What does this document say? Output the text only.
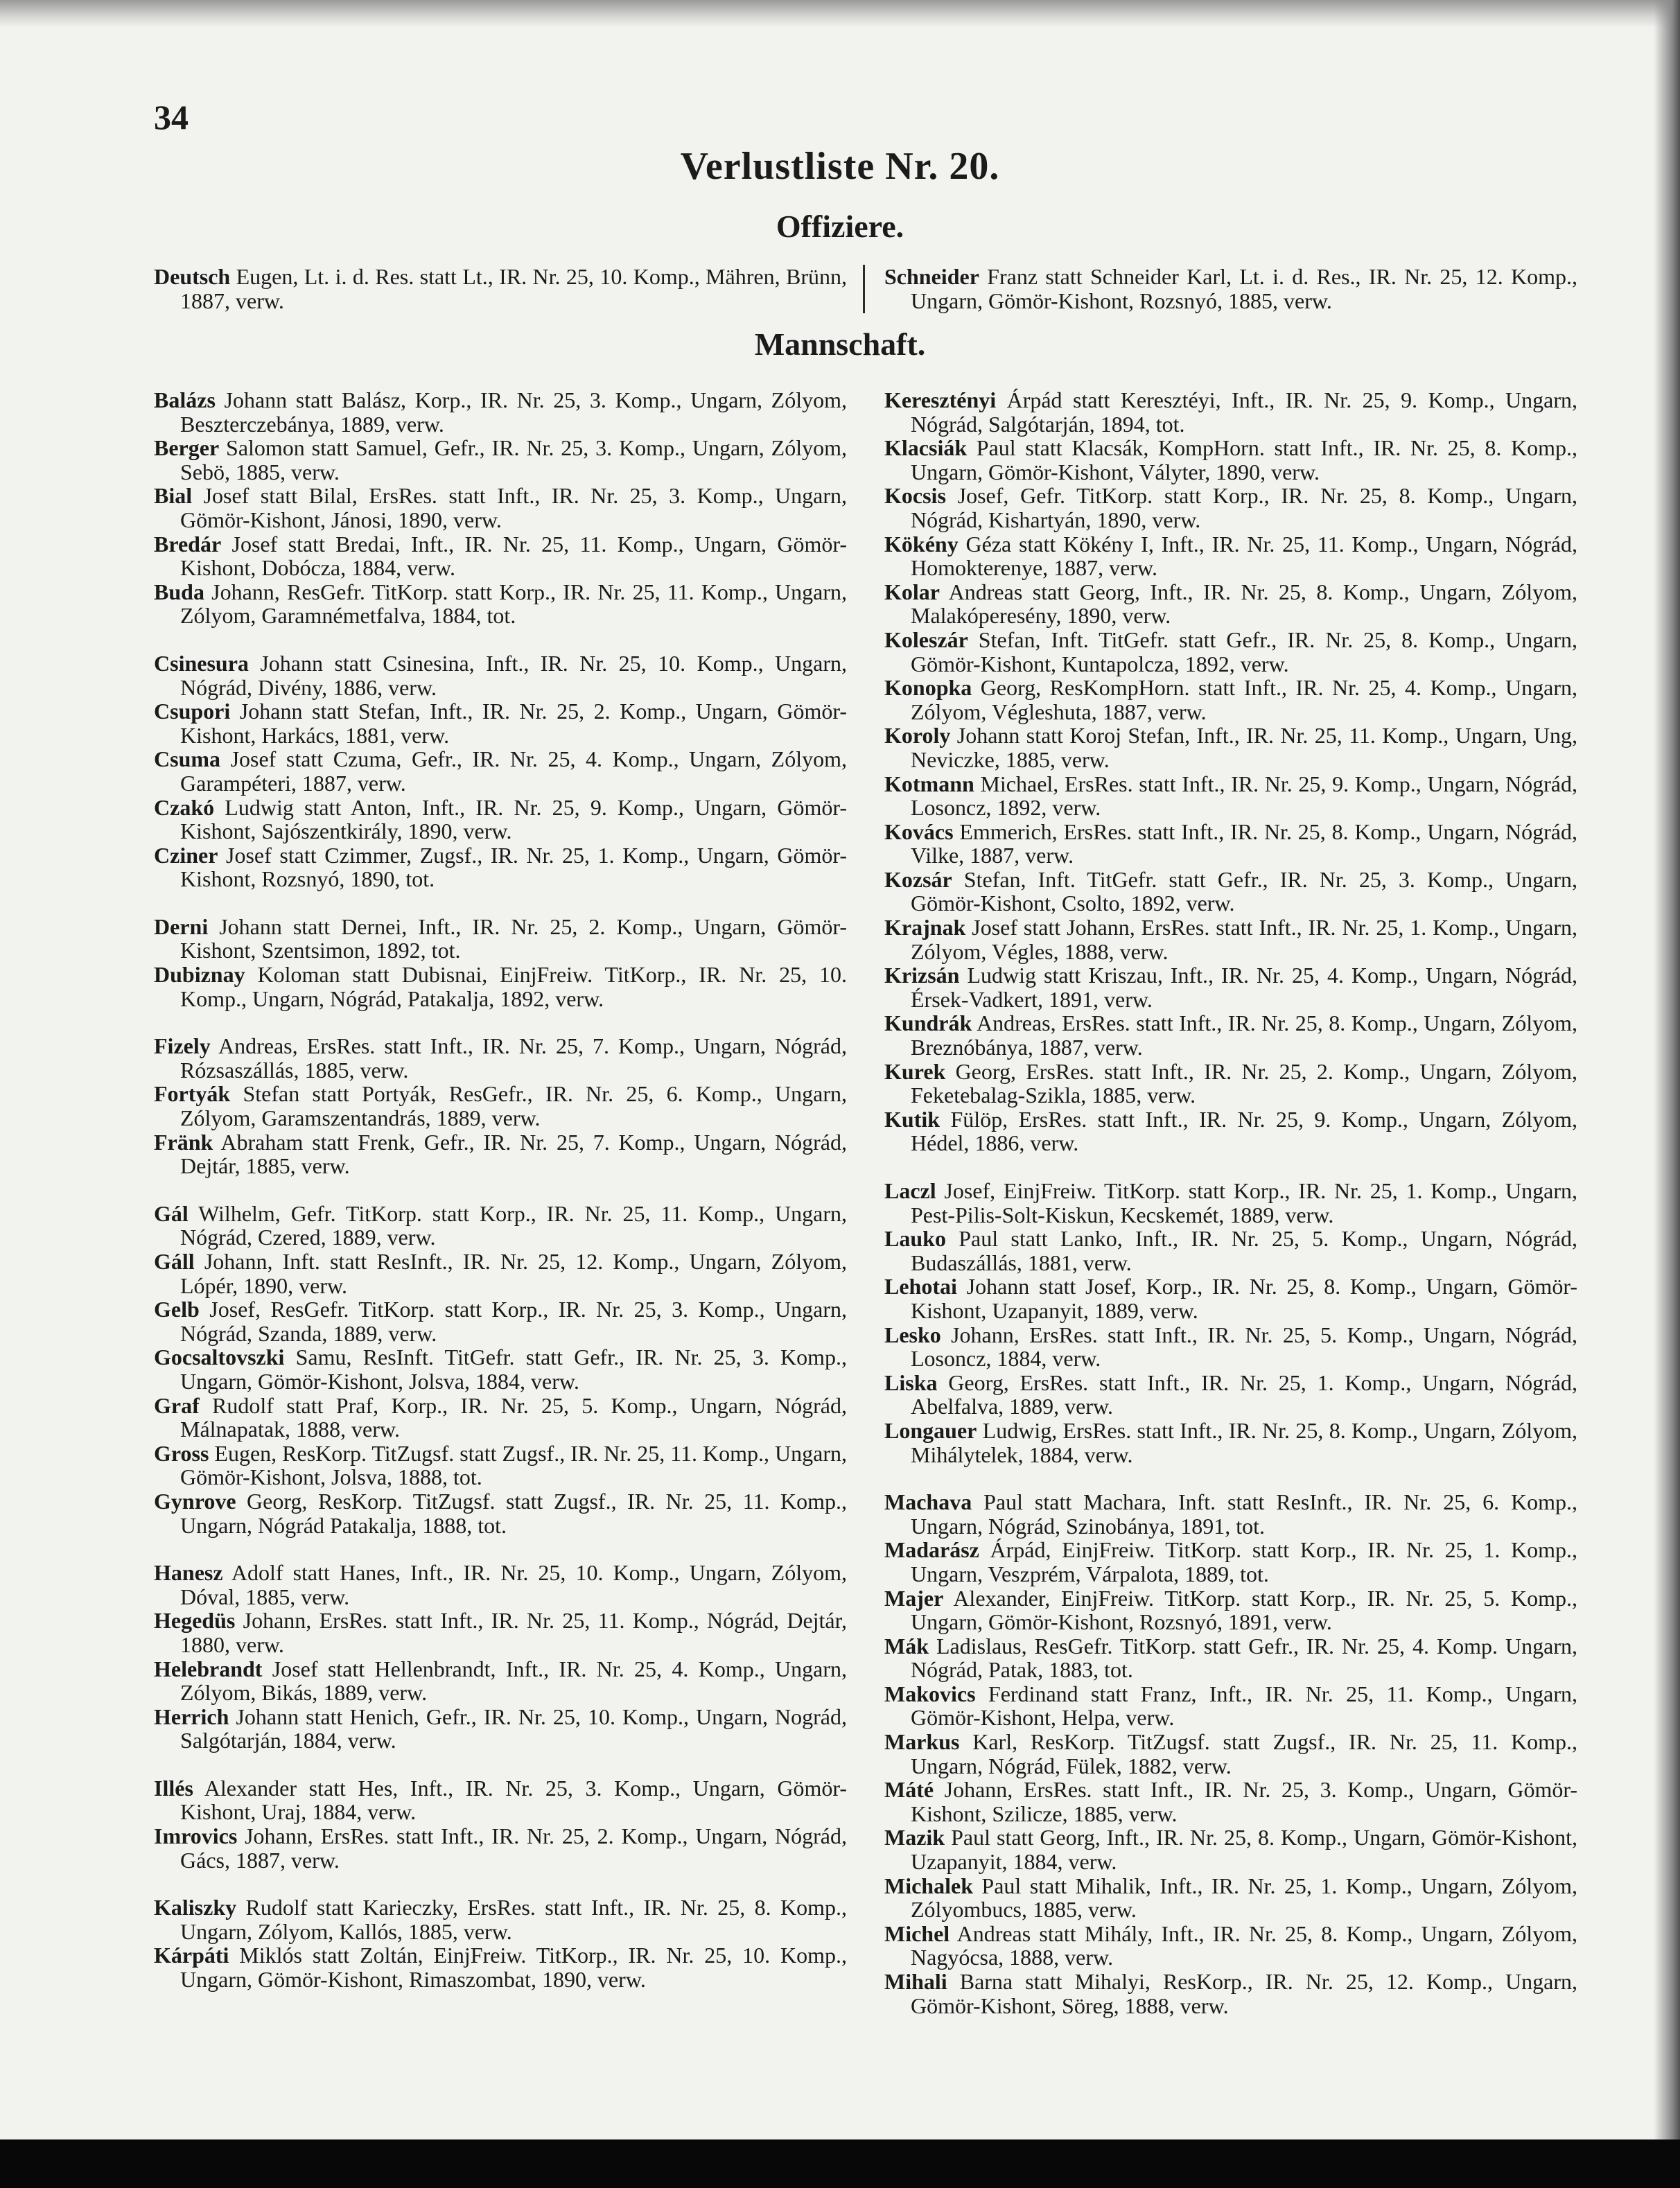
34
Verlustliste Nr. 20.
Offiziere.

Deutsch Eugen, Lt. i. d. Res. statt Lt., IR. Nr. 25, 10. Komp., Mähren, Brünn, 1887, verw.

Schneider Franz statt Schneider Karl, Lt. i. d. Res., IR. Nr. 25, 12. Komp., Ungarn, Gömör-Kishont, Rozsnyó, 1885, verw.

Mannschaft.

Balázs Johann statt Balász, Korp., IR. Nr. 25, 3. Komp., Ungarn, Zólyom, Beszterczebánya, 1889, verw.

Berger Salomon statt Samuel, Gefr., IR. Nr. 25, 3. Komp., Ungarn, Zólyom, Sebö, 1885, verw.

Bial Josef statt Bilal, ErsRes. statt Inft., IR. Nr. 25, 3. Komp., Ungarn, Gömör-Kishont, Jánosi, 1890, verw.

Bredár Josef statt Bredai, Inft., IR. Nr. 25, 11. Komp., Ungarn, Gömör-Kishont, Dobócza, 1884, verw.

Buda Johann, ResGefr. TitKorp. statt Korp., IR. Nr. 25, 11. Komp., Ungarn, Zólyom, Garamnémetfalva, 1884, tot.

Csinesura Johann statt Csinesina, Inft., IR. Nr. 25, 10. Komp., Ungarn, Nógrád, Divény, 1886, verw.

Csupori Johann statt Stefan, Inft., IR. Nr. 25, 2. Komp., Ungarn, Gömör-Kishont, Harkács, 1881, verw.

Csuma Josef statt Czuma, Gefr., IR. Nr. 25, 4. Komp., Ungarn, Zólyom, Garampéteri, 1887, verw.

Czakó Ludwig statt Anton, Inft., IR. Nr. 25, 9. Komp., Ungarn, Gömör-Kishont, Sajószentkirály, 1890, verw.

Cziner Josef statt Czimmer, Zugsf., IR. Nr. 25, 1. Komp., Ungarn, Gömör-Kishont, Rozsnyó, 1890, tot.

Derni Johann statt Dernei, Inft., IR. Nr. 25, 2. Komp., Ungarn, Gömör-Kishont, Szentsimon, 1892, tot.

Dubiznay Koloman statt Dubisnai, EinjFreiw. TitKorp., IR. Nr. 25, 10. Komp., Ungarn, Nógrád, Patakalja, 1892, verw.

Fizely Andreas, ErsRes. statt Inft., IR. Nr. 25, 7. Komp., Ungarn, Nógrád, Rózsaszállás, 1885, verw.

Fortyák Stefan statt Portyák, ResGefr., IR. Nr. 25, 6. Komp., Ungarn, Zólyom, Garamszentandrás, 1889, verw.

Fränk Abraham statt Frenk, Gefr., IR. Nr. 25, 7. Komp., Ungarn, Nógrád, Dejtár, 1885, verw.

Gál Wilhelm, Gefr. TitKorp. statt Korp., IR. Nr. 25, 11. Komp., Ungarn, Nógrád, Czered, 1889, verw.

Gáll Johann, Inft. statt ResInft., IR. Nr. 25, 12. Komp., Ungarn, Zólyom, Lópér, 1890, verw.

Gelb Josef, ResGefr. TitKorp. statt Korp., IR. Nr. 25, 3. Komp., Ungarn, Nógrád, Szanda, 1889, verw.

Gocsaltovszki Samu, ResInft. TitGefr. statt Gefr., IR. Nr. 25, 3. Komp., Ungarn, Gömör-Kishont, Jolsva, 1884, verw.

Graf Rudolf statt Praf, Korp., IR. Nr. 25, 5. Komp., Ungarn, Nógrád, Málnapatak, 1888, verw.

Gross Eugen, ResKorp. TitZugsf. statt Zugsf., IR. Nr. 25, 11. Komp., Ungarn, Gömör-Kishont, Jolsva, 1888, tot.

Gynrove Georg, ResKorp. TitZugsf. statt Zugsf., IR. Nr. 25, 11. Komp., Ungarn, Nógrád Patakalja, 1888, tot.

Hanesz Adolf statt Hanes, Inft., IR. Nr. 25, 10. Komp., Ungarn, Zólyom, Dóval, 1885, verw.

Hegedüs Johann, ErsRes. statt Inft., IR. Nr. 25, 11. Komp., Nógrád, Dejtár, 1880, verw.

Helebrandt Josef statt Hellenbrandt, Inft., IR. Nr. 25, 4. Komp., Ungarn, Zólyom, Bikás, 1889, verw.

Herrich Johann statt Henich, Gefr., IR. Nr. 25, 10. Komp., Ungarn, Nográd, Salgótarján, 1884, verw.

Illés Alexander statt Hes, Inft., IR. Nr. 25, 3. Komp., Ungarn, Gömör-Kishont, Uraj, 1884, verw.

Imrovics Johann, ErsRes. statt Inft., IR. Nr. 25, 2. Komp., Ungarn, Nógrád, Gács, 1887, verw.

Kaliszky Rudolf statt Karieczky, ErsRes. statt Inft., IR. Nr. 25, 8. Komp., Ungarn, Zólyom, Kallós, 1885, verw.

Kárpáti Miklós statt Zoltán, EinjFreiw. TitKorp., IR. Nr. 25, 10. Komp., Ungarn, Gömör-Kishont, Rimaszombat, 1890, verw.

Keresztényi Árpád statt Keresztéyi, Inft., IR. Nr. 25, 9. Komp., Ungarn, Nógrád, Salgótarján, 1894, tot.

Klacsiák Paul statt Klacsák, KompHorn. statt Inft., IR. Nr. 25, 8. Komp., Ungarn, Gömör-Kishont, Vályter, 1890, verw.

Kocsis Josef, Gefr. TitKorp. statt Korp., IR. Nr. 25, 8. Komp., Ungarn, Nógrád, Kishartyán, 1890, verw.

Kökény Géza statt Kökény I, Inft., IR. Nr. 25, 11. Komp., Ungarn, Nógrád, Homokterenye, 1887, verw.

Kolar Andreas statt Georg, Inft., IR. Nr. 25, 8. Komp., Ungarn, Zólyom, Malakóperesény, 1890, verw.

Koleszár Stefan, Inft. TitGefr. statt Gefr., IR. Nr. 25, 8. Komp., Ungarn, Gömör-Kishont, Kuntapolcza, 1892, verw.

Konopka Georg, ResKompHorn. statt Inft., IR. Nr. 25, 4. Komp., Ungarn, Zólyom, Végleshuta, 1887, verw.

Koroly Johann statt Koroj Stefan, Inft., IR. Nr. 25, 11. Komp., Ungarn, Ung, Neviczke, 1885, verw.

Kotmann Michael, ErsRes. statt Inft., IR. Nr. 25, 9. Komp., Ungarn, Nógrád, Losoncz, 1892, verw.

Kovács Emmerich, ErsRes. statt Inft., IR. Nr. 25, 8. Komp., Ungarn, Nógrád, Vilke, 1887, verw.

Kozsár Stefan, Inft. TitGefr. statt Gefr., IR. Nr. 25, 3. Komp., Ungarn, Gömör-Kishont, Csolto, 1892, verw.

Krajnak Josef statt Johann, ErsRes. statt Inft., IR. Nr. 25, 1. Komp., Ungarn, Zólyom, Végles, 1888, verw.

Krizsán Ludwig statt Kriszau, Inft., IR. Nr. 25, 4. Komp., Ungarn, Nógrád, Érsek-Vadkert, 1891, verw.

Kundrák Andreas, ErsRes. statt Inft., IR. Nr. 25, 8. Komp., Ungarn, Zólyom, Breznóbánya, 1887, verw.

Kurek Georg, ErsRes. statt Inft., IR. Nr. 25, 2. Komp., Ungarn, Zólyom, Feketebalag-Szikla, 1885, verw.

Kutik Fülöp, ErsRes. statt Inft., IR. Nr. 25, 9. Komp., Ungarn, Zólyom, Hédel, 1886, verw.

Laczl Josef, EinjFreiw. TitKorp. statt Korp., IR. Nr. 25, 1. Komp., Ungarn, Pest-Pilis-Solt-Kiskun, Kecskemét, 1889, verw.

Lauko Paul statt Lanko, Inft., IR. Nr. 25, 5. Komp., Ungarn, Nógrád, Budaszállás, 1881, verw.

Lehotai Johann statt Josef, Korp., IR. Nr. 25, 8. Komp., Ungarn, Gömör-Kishont, Uzapanyit, 1889, verw.

Lesko Johann, ErsRes. statt Inft., IR. Nr. 25, 5. Komp., Ungarn, Nógrád, Losoncz, 1884, verw.

Liska Georg, ErsRes. statt Inft., IR. Nr. 25, 1. Komp., Ungarn, Nógrád, Abelfalva, 1889, verw.

Longauer Ludwig, ErsRes. statt Inft., IR. Nr. 25, 8. Komp., Ungarn, Zólyom, Mihálytelek, 1884, verw.

Machava Paul statt Machara, Inft. statt ResInft., IR. Nr. 25, 6. Komp., Ungarn, Nógrád, Szinobánya, 1891, tot.

Madarász Árpád, EinjFreiw. TitKorp. statt Korp., IR. Nr. 25, 1. Komp., Ungarn, Veszprém, Várpalota, 1889, tot.

Majer Alexander, EinjFreiw. TitKorp. statt Korp., IR. Nr. 25, 5. Komp., Ungarn, Gömör-Kishont, Rozsnyó, 1891, verw.

Mák Ladislaus, ResGefr. TitKorp. statt Gefr., IR. Nr. 25, 4. Komp. Ungarn, Nógrád, Patak, 1883, tot.

Makovics Ferdinand statt Franz, Inft., IR. Nr. 25, 11. Komp., Ungarn, Gömör-Kishont, Helpa, verw.

Markus Karl, ResKorp. TitZugsf. statt Zugsf., IR. Nr. 25, 11. Komp., Ungarn, Nógrád, Fülek, 1882, verw.

Máté Johann, ErsRes. statt Inft., IR. Nr. 25, 3. Komp., Ungarn, Gömör-Kishont, Szilicze, 1885, verw.

Mazik Paul statt Georg, Inft., IR. Nr. 25, 8. Komp., Ungarn, Gömör-Kishont, Uzapanyit, 1884, verw.

Michalek Paul statt Mihalik, Inft., IR. Nr. 25, 1. Komp., Ungarn, Zólyom, Zólyombucs, 1885, verw.

Michel Andreas statt Mihály, Inft., IR. Nr. 25, 8. Komp., Ungarn, Zólyom, Nagyócsa, 1888, verw.

Mihali Barna statt Mihalyi, ResKorp., IR. Nr. 25, 12. Komp., Ungarn, Gömör-Kishont, Söreg, 1888, verw.
